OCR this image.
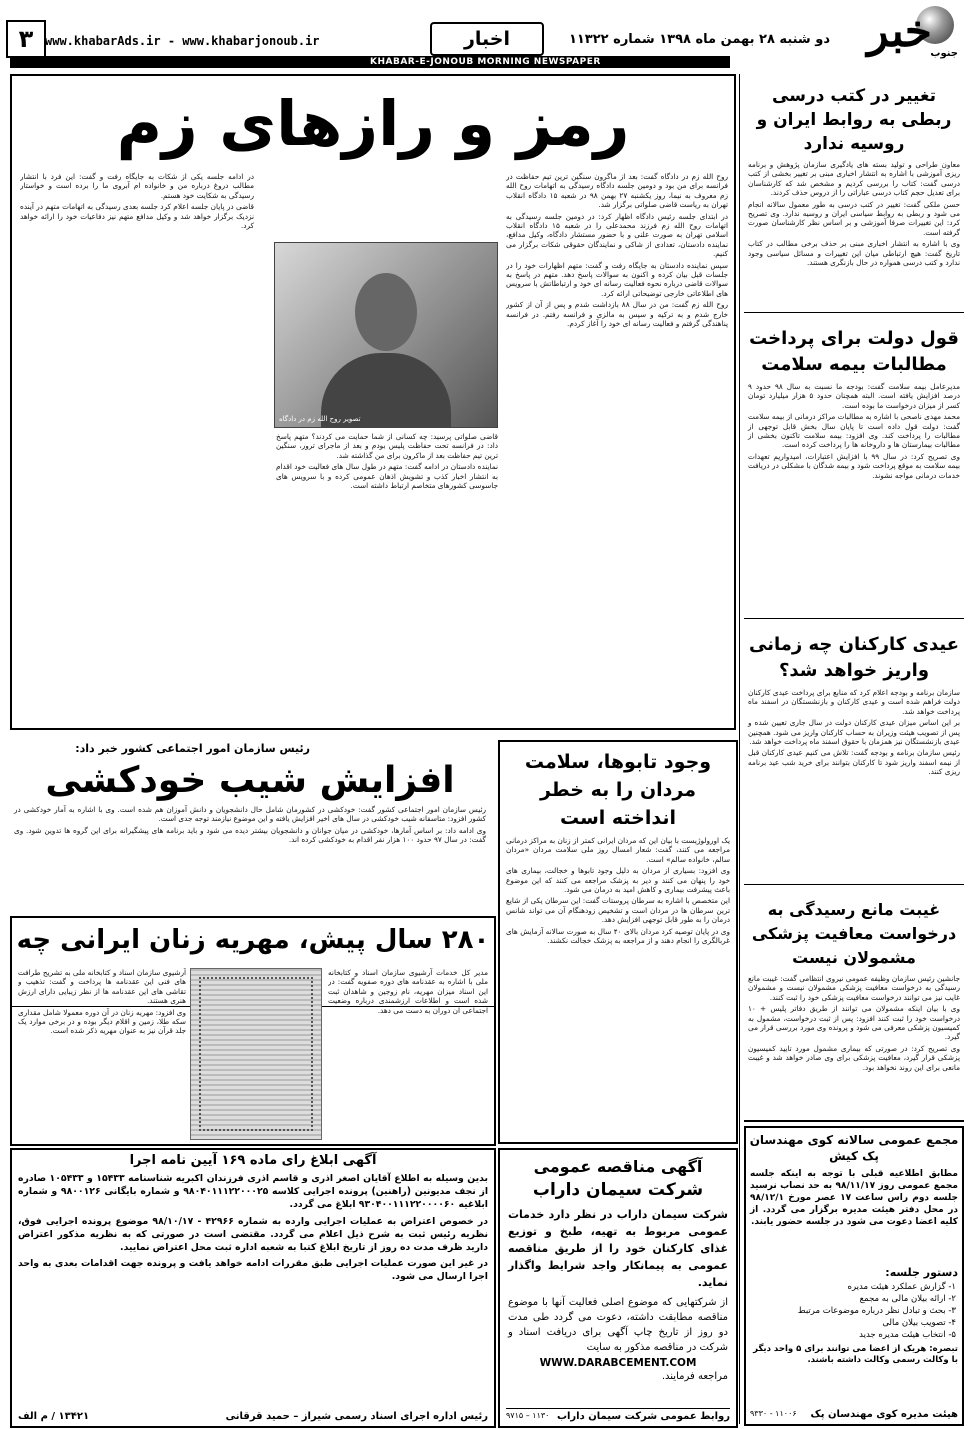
خبر
جنوب
دو شنبه ۲۸ بهمن ماه ۱۳۹۸ شماره ۱۱۳۲۲
اخبار
www.khabarAds.ir - www.khabarjonoub.ir
۳
KHABAR-E-JONOUB MORNING NEWSPAPER
تغییر در کتب درسی ربطی به روابط ایران و روسیه ندارد

معاون طراحی و تولید بسته های یادگیری سازمان پژوهش و برنامه ریزی آموزشی با اشاره به انتشار اخباری مبنی بر تغییر بخشی از کتب درسی گفت: کتاب را بررسی کردیم و مشخص شد که کارشناسان برای تعدیل حجم کتاب درسی عباراتی را از دروس حذف کردند.

حسن ملکی گفت: تغییر در کتب درسی به طور معمول سالانه انجام می شود و ربطی به روابط سیاسی ایران و روسیه ندارد. وی تصریح کرد: این تغییرات صرفا آموزشی و بر اساس نظر کارشناسان صورت گرفته است.

وی با اشاره به انتشار اخباری مبنی بر حذف برخی مطالب در کتاب تاریخ گفت: هیچ ارتباطی میان این تغییرات و مسائل سیاسی وجود ندارد و کتب درسی همواره در حال بازنگری هستند.

قول دولت برای پرداخت مطالبات بیمه سلامت

مدیرعامل بیمه سلامت گفت: بودجه ما نسبت به سال ۹۸ حدود ۹ درصد افزایش یافته است. البته همچنان حدود ۵ هزار میلیارد تومان کسر از میزان درخواست ما بوده است.

محمد مهدی ناصحی با اشاره به مطالبات مراکز درمانی از بیمه سلامت گفت: دولت قول داده است تا پایان سال بخش قابل توجهی از مطالبات را پرداخت کند. وی افزود: بیمه سلامت تاکنون بخشی از مطالبات بیمارستان ها و داروخانه ها را پرداخت کرده است.

وی تصریح کرد: در سال ۹۹ با افزایش اعتبارات، امیدواریم تعهدات بیمه سلامت به موقع پرداخت شود و بیمه شدگان با مشکلی در دریافت خدمات درمانی مواجه نشوند.

عیدی کارکنان چه زمانی واریز خواهد شد؟

سازمان برنامه و بودجه اعلام کرد که منابع برای پرداخت عیدی کارکنان دولت فراهم شده است و عیدی کارکنان و بازنشستگان در اسفند ماه پرداخت خواهد شد.

بر این اساس میزان عیدی کارکنان دولت در سال جاری تعیین شده و پس از تصویب هیئت وزیران به حساب کارکنان واریز می شود. همچنین عیدی بازنشستگان نیز همزمان با حقوق اسفند ماه پرداخت خواهد شد.

رئیس سازمان برنامه و بودجه گفت: تلاش می کنیم عیدی کارکنان قبل از نیمه اسفند واریز شود تا کارکنان بتوانند برای خرید شب عید برنامه ریزی کنند.

غیبت مانع رسیدگی به درخواست معافیت پزشکی مشمولان نیست

جانشین رئیس سازمان وظیفه عمومی نیروی انتظامی گفت: غیبت مانع رسیدگی به درخواست معافیت پزشکی مشمولان نیست و مشمولان غایب نیز می توانند درخواست معافیت پزشکی خود را ثبت کنند.

وی با بیان اینکه مشمولان می توانند از طریق دفاتر پلیس + ۱۰ درخواست خود را ثبت کنند افزود: پس از ثبت درخواست، مشمول به کمیسیون پزشکی معرفی می شود و پرونده وی مورد بررسی قرار می گیرد.

وی تصریح کرد: در صورتی که بیماری مشمول مورد تایید کمیسیون پزشکی قرار گیرد، معافیت پزشکی برای وی صادر خواهد شد و غیبت مانعی برای این روند نخواهد بود.

مجمع عمومی سالانه کوی مهندسان پک کیش
مطابق اطلاعیه قبلی با توجه به اینکه جلسه مجمع عمومی روز ۹۸/۱۱/۱۷ به حد نصاب نرسید جلسه دوم راس ساعت ۱۷ عصر مورخ ۹۸/۱۲/۱ در محل دفتر هیئت مدیره برگزار می گردد. از کلیه اعضا دعوت می شود در جلسه حضور یابند.
دستور جلسه:
۱- گزارش عملکرد هیئت مدیره
۲- ارائه بیلان مالی به مجمع
۳- بحث و تبادل نظر درباره موضوعات مرتبط
۴- تصویب بیلان مالی
۵- انتخاب هیئت مدیره جدید
تبصره: هریک از اعضا می توانند برای ۵ واحد دیگر با وکالت رسمی وکالت داشته باشند.
هیئت مدیره کوی مهندسان پک
۱۱۰۰۶ - ۹۳۳۰
رمز و رازهای زم

روح الله زم در دادگاه گفت: بعد از ماگرون سنگین ترین تیم حفاظت در فرانسه برای من بود و دومین جلسه دادگاه رسیدگی به اتهامات روح الله زم معروف به نیما، روز یکشنبه ۲۷ بهمن ۹۸ در شعبه ۱۵ دادگاه انقلاب تهران به ریاست قاضی صلواتی برگزار شد.

در ابتدای جلسه رئیس دادگاه اظهار کرد: در دومین جلسه رسیدگی به اتهامات روح الله زم فرزند محمدعلی را در شعبه ۱۵ دادگاه انقلاب اسلامی تهران به صورت علنی و با حضور مستشار دادگاه، وکیل مدافع، نماینده دادستان، تعدادی از شاکی و نمایندگان حقوقی شکات برگزار می کنیم.

سپس نماینده دادستان به جایگاه رفت و گفت: متهم اظهارات خود را در جلسات قبل بیان کرده و اکنون به سوالات پاسخ دهد. متهم در پاسخ به سوالات قاضی درباره نحوه فعالیت رسانه ای خود و ارتباطاتش با سرویس های اطلاعاتی خارجی توضیحاتی ارائه کرد.

روح الله زم گفت: من در سال ۸۸ بازداشت شدم و پس از آن از کشور خارج شدم و به ترکیه و سپس به مالزی و فرانسه رفتم. در فرانسه پناهندگی گرفتم و فعالیت رسانه ای خود را آغاز کردم.

تصویر روح الله زم در دادگاه

قاضی صلواتی پرسید: چه کسانی از شما حمایت می کردند؟ متهم پاسخ داد: در فرانسه تحت حفاظت پلیس بودم و بعد از ماجرای ترور، سنگین ترین تیم حفاظت بعد از ماکرون برای من گذاشته شد.

نماینده دادستان در ادامه گفت: متهم در طول سال های فعالیت خود اقدام به انتشار اخبار کذب و تشویش اذهان عمومی کرده و با سرویس های جاسوسی کشورهای متخاصم ارتباط داشته است.

در ادامه جلسه یکی از شکات به جایگاه رفت و گفت: این فرد با انتشار مطالب دروغ درباره من و خانواده ام آبروی ما را برده است و خواستار رسیدگی به شکایت خود هستم.

قاضی در پایان جلسه اعلام کرد جلسه بعدی رسیدگی به اتهامات متهم در آینده نزدیک برگزار خواهد شد و وکیل مدافع متهم نیز دفاعیات خود را ارائه خواهد کرد.

رئیس سازمان امور اجتماعی کشور خبر داد:
افزایش شیب خودکشی

رئیس سازمان امور اجتماعی کشور گفت: خودکشی در کشورمان شامل حال دانشجویان و دانش آموزان هم شده است. وی با اشاره به آمار خودکشی در کشور افزود: متاسفانه شیب خودکشی در سال های اخیر افزایش یافته و این موضوع نیازمند توجه جدی است.

وی ادامه داد: بر اساس آمارها، خودکشی در میان جوانان و دانشجویان بیشتر دیده می شود و باید برنامه های پیشگیرانه برای این گروه ها تدوین شود. وی گفت: در سال ۹۷ حدود ۱۰۰ هزار نفر اقدام به خودکشی کرده اند.

وجود تابوها، سلامت مردان را به خطر انداخته است

یک اورولوژیست با بیان این که مردان ایرانی کمتر از زنان به مراکز درمانی مراجعه می کنند، گفت: شعار امسال روز ملی سلامت مردان «مردان سالم، خانواده سالم» است.

وی افزود: بسیاری از مردان به دلیل وجود تابوها و خجالت، بیماری های خود را پنهان می کنند و دیر به پزشک مراجعه می کنند که این موضوع باعث پیشرفت بیماری و کاهش امید به درمان می شود.

این متخصص با اشاره به سرطان پروستات گفت: این سرطان یکی از شایع ترین سرطان ها در مردان است و تشخیص زودهنگام آن می تواند شانس درمان را به طور قابل توجهی افزایش دهد.

وی در پایان توصیه کرد مردان بالای ۴۰ سال به صورت سالانه آزمایش های غربالگری را انجام دهند و از مراجعه به پزشک خجالت نکشند.

۲۸۰ سال پیش، مهریه زنان ایرانی چه

مدیر کل خدمات آرشیوی سازمان اسناد و کتابخانه ملی با اشاره به عقدنامه های دوره صفویه گفت: در این اسناد میزان مهریه، نام زوجین و شاهدان ثبت شده است و اطلاعات ارزشمندی درباره وضعیت اجتماعی آن دوران به دست می دهد.

آرشیوی سازمان اسناد و کتابخانه ملی به تشریح طرافت های فنی این عقدنامه ها پرداخت و گفت: تذهیب و تقاشی های این عقدنامه ها از نظر زیبایی دارای ارزش هنری هستند.

وی افزود: مهریه زنان در آن دوره معمولا شامل مقداری سکه طلا، زمین و اقلام دیگر بوده و در برخی موارد یک جلد قرآن نیز به عنوان مهریه ذکر شده است.

آگهی ابلاغ رای ماده ۱۶۹ آیین نامه اجرا

بدین وسیله به اطلاع آقایان اصغر اذری و قاسم اذری فرزندان اکبریه شناسنامه ۱۵۴۳۳ و ۱۰۵۴۳۳ صادره از نجف مدیونین (راهنین) پرونده اجرایی کلاسه ۹۸۰۴۰۱۱۱۲۲۰۰۰۲۵ و شماره بایگانی ۹۸۰۰۱۲۶ و شماره ابلاغیه ۹۳۰۴۰۰۱۱۱۲۲۰۰۰۰۶۰ ابلاغ می گردد.

در خصوص اعتراض به عملیات اجرایی وارده به شماره ۴۲۹۶۶ - ۹۸/۱۰/۱۷ موضوع پرونده اجرایی فوق، نظریه رئیس ثبت به شرح ذیل اعلام می گردد. مقتضی است در صورتی که به نظریه مذکور اعتراض دارید ظرف مدت ده روز از تاریخ ابلاغ کتبا به شعبه اداره ثبت محل اعتراض نمایید.

در غیر این صورت عملیات اجرایی طبق مقررات ادامه خواهد یافت و پرونده جهت اقدامات بعدی به واحد اجرا ارسال می شود.

رئیس اداره اجرای اسناد رسمی شیراز – حمید قرقانی
۱۳۴۲۱ / م الف
آگهی مناقصه عمومی
شرکت سیمان داراب
شرکت سیمان داراب در نظر دارد خدمات عمومی مربوط به تهیه، طبخ و توزیع غذای کارکنان خود را از طریق مناقصه عمومی به پیمانکار واجد شرایط واگذار نماید.
از شرکتهایی که موضوع اصلی فعالیت آنها با موضوع مناقصه مطابقت داشته، دعوت می گردد طی مدت دو روز از تاریخ چاپ آگهی برای دریافت اسناد و شرکت در مناقصه مذکور به سایت
WWW.DARABCEMENT.COM
مراجعه فرمایند.
روابط عمومی شرکت سیمان داراب
۱۱۳۰ – ۹۷۱۵
